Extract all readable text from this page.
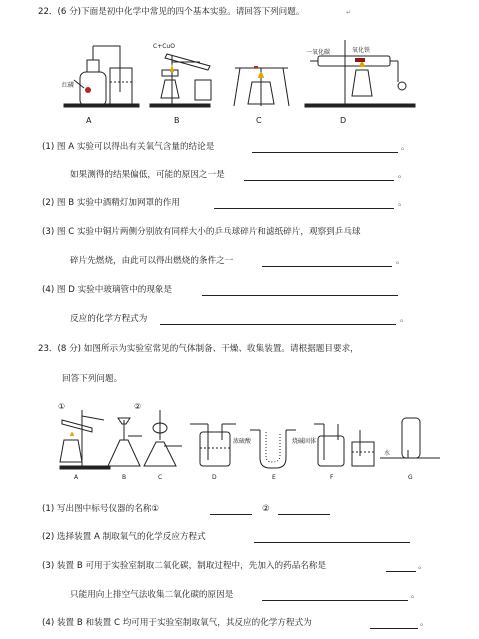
22．(6 分)下面是初中化学中常见的四个基本实验。请回答下列问题。	↵
红磷
C+CuO
氧化铁
一氧化碳
A	B	C	D
(1) 图 A 实验可以得出有关氧气含量的结论是	。
如果测得的结果偏低，可能的原因之一是	。
(2) 图 B 实验中酒精灯加网罩的作用	。
(3) 图 C 实验中铜片两侧分别放有同样大小的乒乓球碎片和滤纸碎片，观察到乒乓球
碎片先燃烧，由此可以得出燃烧的条件之一	。
(4) 图 D 实验中玻璃管中的现象是
反应的化学方程式为	。
23．(8 分) 如图所示为实验室常见的气体制备、干燥、收集装置。请根据题目要求，
回答下列问题。
①	②
浓硫酸	烧碱固体
水
A	B	C	D	E	F	G
(1) 写出图中标号仪器的名称①	②
(2) 选择装置 A 制取氧气的化学反应方程式
(3) 装置 B 可用于实验室制取二氧化碳，制取过程中，先加入的药品名称是	。
只能用向上排空气法收集二氧化碳的原因是	。
(4) 装置 B 和装置 C 均可用于实验室制取氧气，其反应的化学方程式为	。
